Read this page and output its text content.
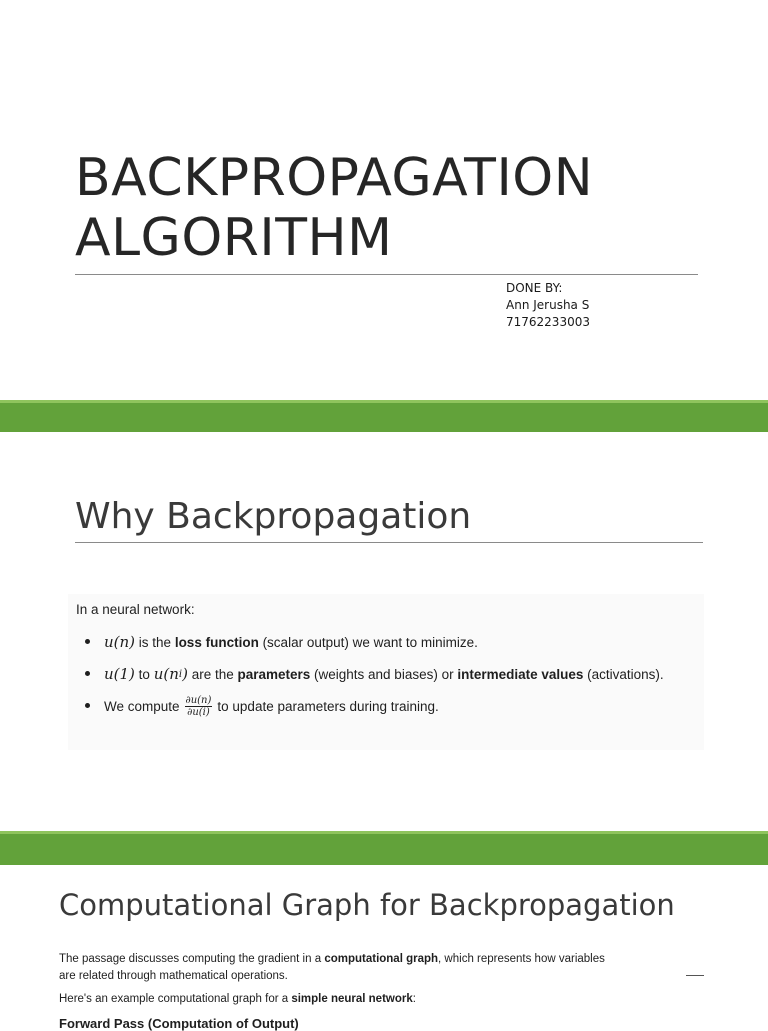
BACKPROPAGATION
ALGORITHM
DONE BY:
Ann Jerusha S
71762233003
Why Backpropagation
In a neural network:
u(n) is the loss function (scalar output) we want to minimize.
u(1) to u(n i ) are the parameters (weights and biases) or intermediate values (activations).
We compute $\frac{\partial u(n)}{\partial u(i)}$ to update parameters during training.
Computational Graph for Backpropagation

The passage discusses computing the gradient in a computational graph, which represents how variables are related through mathematical operations.

Here's an example computational graph for a simple neural network:

Forward Pass (Computation of Output)
